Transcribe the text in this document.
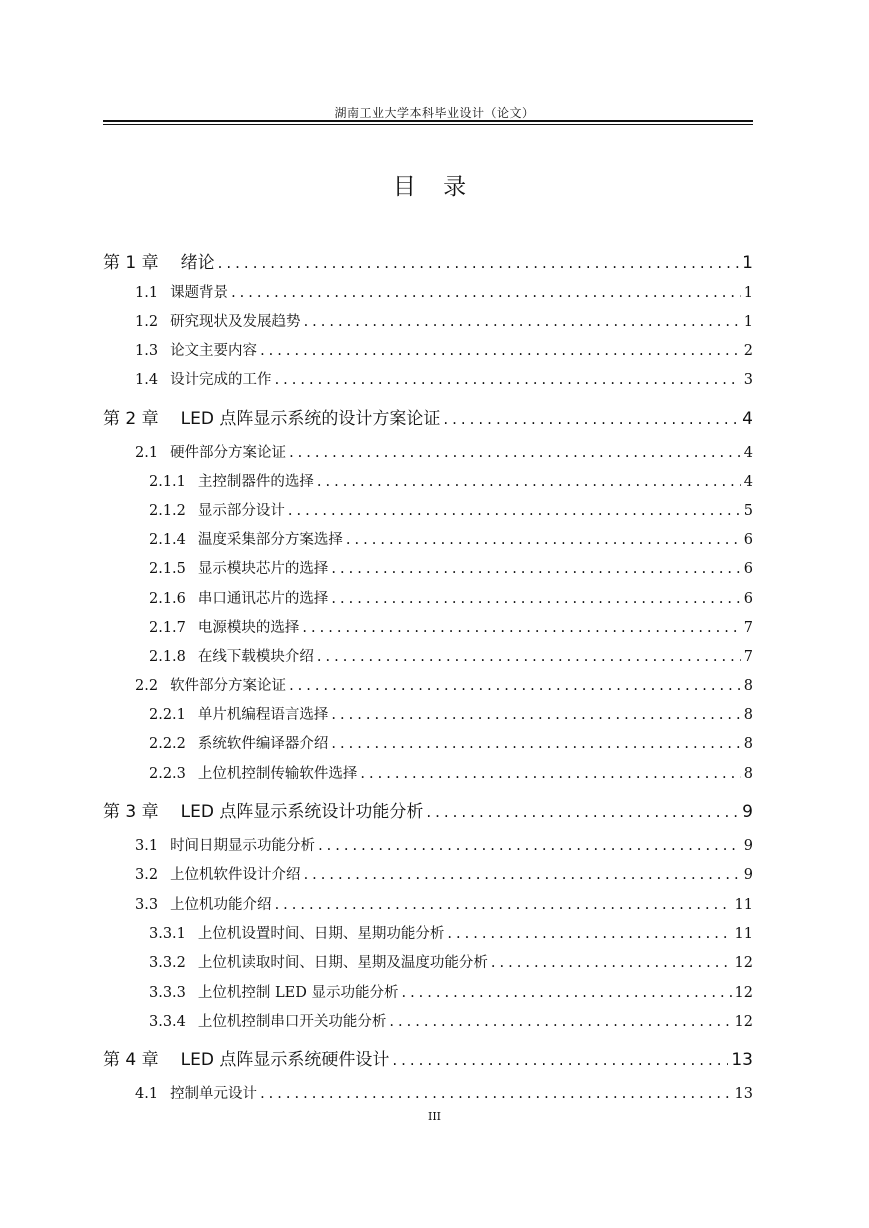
湖南工业大学本科毕业设计（论文）
目 录
第 1 章 绪论 .....	1
1.1 课题背景 .....	1
1.2 研究现状及发展趋势 .....	1
1.3 论文主要内容 .....	2
1.4 设计完成的工作 .....	3
第 2 章 LED 点阵显示系统的设计方案论证 .....	4
2.1 硬件部分方案论证 .....	4
2.1.1 主控制器件的选择 .....	4
2.1.2 显示部分设计 .....	5
2.1.4 温度采集部分方案选择 .....	6
2.1.5 显示模块芯片的选择 .....	6
2.1.6 串口通讯芯片的选择 .....	6
2.1.7 电源模块的选择 .....	7
2.1.8 在线下载模块介绍 .....	7
2.2 软件部分方案论证 .....	8
2.2.1 单片机编程语言选择 .....	8
2.2.2 系统软件编译器介绍 .....	8
2.2.3 上位机控制传输软件选择 .....	8
第 3 章 LED 点阵显示系统设计功能分析 .....	9
3.1 时间日期显示功能分析 .....	9
3.2 上位机软件设计介绍 .....	9
3.3 上位机功能介绍 .....	11
3.3.1 上位机设置时间、日期、星期功能分析 .....	11
3.3.2 上位机读取时间、日期、星期及温度功能分析 .....	12
3.3.3 上位机控制 LED 显示功能分析 .....	12
3.3.4 上位机控制串口开关功能分析 .....	12
第 4 章 LED 点阵显示系统硬件设计 .....	13
4.1 控制单元设计 .....	13
III
